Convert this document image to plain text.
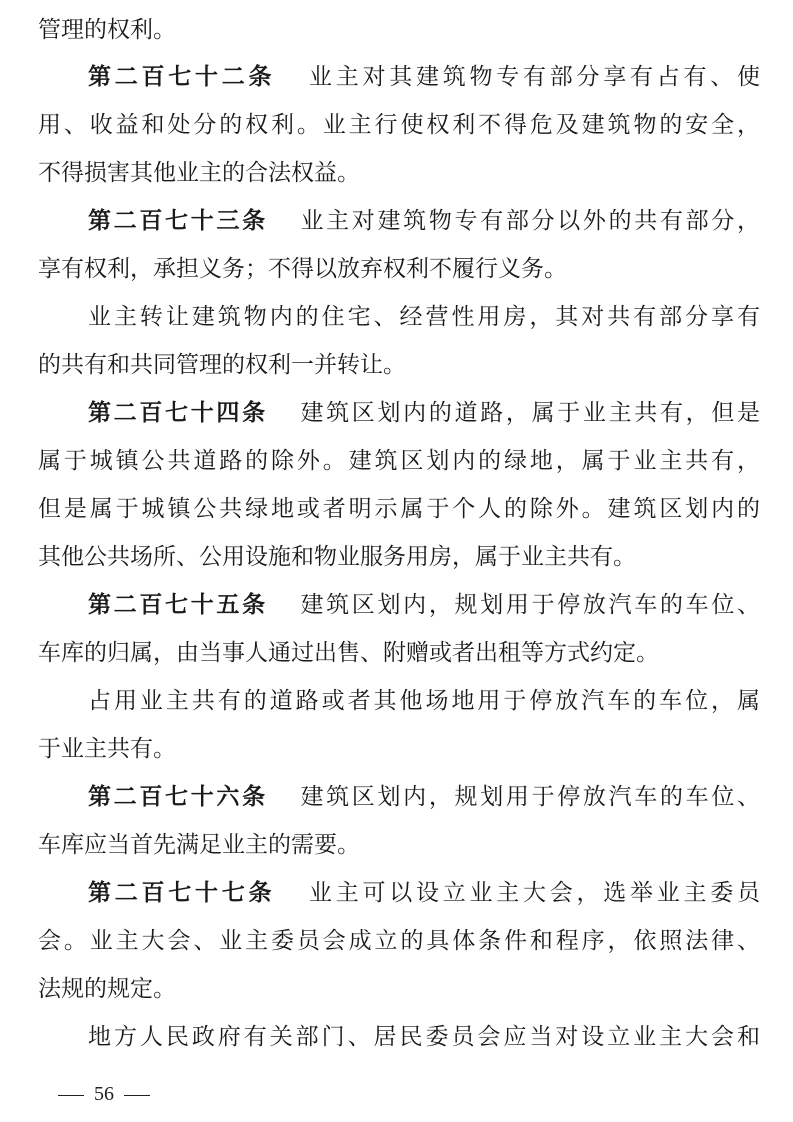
管理的权利。
第二百七十二条 业主对其建筑物专有部分享有占有、使
用、收益和处分的权利。业主行使权利不得危及建筑物的安全，
不得损害其他业主的合法权益。
第二百七十三条 业主对建筑物专有部分以外的共有部分，
享有权利，承担义务；不得以放弃权利不履行义务。
业主转让建筑物内的住宅、经营性用房，其对共有部分享有
的共有和共同管理的权利一并转让。
第二百七十四条 建筑区划内的道路，属于业主共有，但是
属于城镇公共道路的除外。建筑区划内的绿地，属于业主共有，
但是属于城镇公共绿地或者明示属于个人的除外。建筑区划内的
其他公共场所、公用设施和物业服务用房，属于业主共有。
第二百七十五条 建筑区划内，规划用于停放汽车的车位、
车库的归属，由当事人通过出售、附赠或者出租等方式约定。
占用业主共有的道路或者其他场地用于停放汽车的车位，属
于业主共有。
第二百七十六条 建筑区划内，规划用于停放汽车的车位、
车库应当首先满足业主的需要。
第二百七十七条 业主可以设立业主大会，选举业主委员
会。业主大会、业主委员会成立的具体条件和程序，依照法律、
法规的规定。
地方人民政府有关部门、居民委员会应当对设立业主大会和
56
